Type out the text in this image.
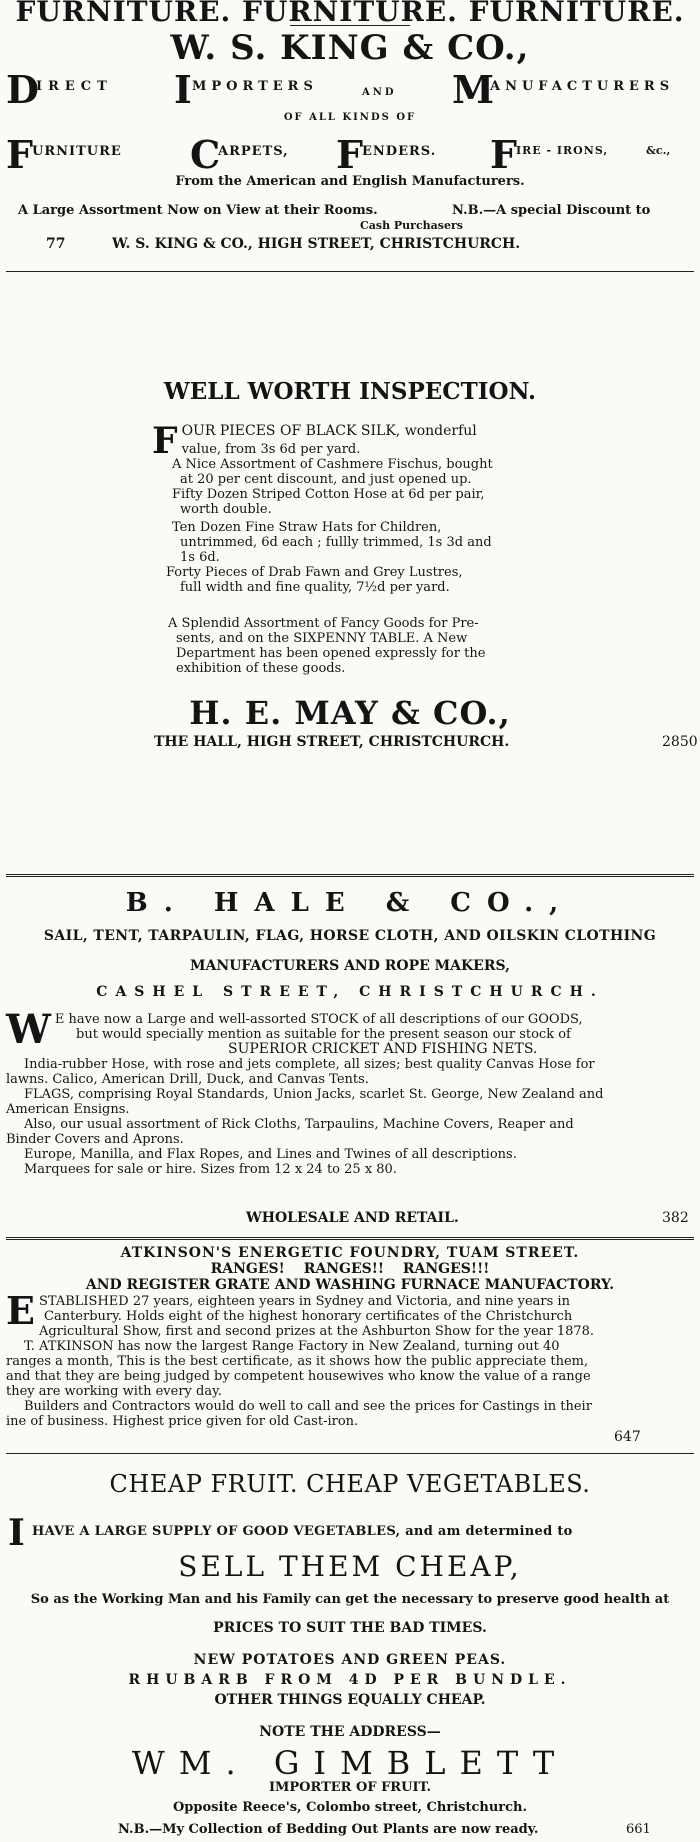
FURNITURE. FURNITURE. FURNITURE.
W. S. KING & CO.,
D
IRECT I MPORTERS	AND M
ANUFACTURERS
OF ALL KINDS OF
F URNITURE C
ARPETS, F ENDERS. F IRE - IRONS,	&c.,
From the American and English Manufacturers.
A Large Assortment Now on View at their Rooms.	N.B.—A special Discount to
Cash Purchasers
77	W. S. KING & CO., HIGH STREET, CHRISTCHURCH.
WELL WORTH INSPECTION.
FOUR PIECES OF BLACK SILK, wonderful
value, from 3s 6d per yard.
A Nice Assortment of Cashmere Fischus, bought
at 20 per cent discount, and just opened up.
Fifty Dozen Striped Cotton Hose at 6d per pair,
worth double.
Ten Dozen Fine Straw Hats for Children,
untrimmed, 6d each ; fullly trimmed, 1s 3d and
1s 6d.
Forty Pieces of Drab Fawn and Grey Lustres,
full width and fine quality, 7½d per yard.
A Splendid Assortment of Fancy Goods for Pre-
sents, and on the SIXPENNY TABLE. A New
Department has been opened expressly for the
exhibition of these goods.
H. E. MAY & CO.,
THE HALL, HIGH STREET, CHRISTCHURCH.	2850
B. HALE & CO.,
SAIL, TENT, TARPAULIN, FLAG, HORSE CLOTH, AND OILSKIN CLOTHING
MANUFACTURERS AND ROPE MAKERS,
CASHEL STREET, CHRISTCHURCH.
W E have now a Large and well-assorted STOCK of all descriptions of our GOODS,
but would specially mention as suitable for the present season our stock of
SUPERIOR CRICKET AND FISHING NETS.
India-rubber Hose, with rose and jets complete, all sizes; best quality Canvas Hose for
lawns. Calico, American Drill, Duck, and Canvas Tents.
FLAGS, comprising Royal Standards, Union Jacks, scarlet St. George, New Zealand and
American Ensigns.
Also, our usual assortment of Rick Cloths, Tarpaulins, Machine Covers, Reaper and
Binder Covers and Aprons.
Europe, Manilla, and Flax Ropes, and Lines and Twines of all descriptions.
Marquees for sale or hire. Sizes from 12 x 24 to 25 x 80.
WHOLESALE AND RETAIL.	382
ATKINSON'S ENERGETIC FOUNDRY, TUAM STREET.
RANGES! RANGES!! RANGES!!!
AND REGISTER GRATE AND WASHING FURNACE MANUFACTORY.
ESTABLISHED 27 years, eighteen years in Sydney and Victoria, and nine years in
Canterbury. Holds eight of the highest honorary certificates of the Christchurch
Agricultural Show, first and second prizes at the Ashburton Show for the year 1878.
T. ATKINSON has now the largest Range Factory in New Zealand, turning out 40
ranges a month, This is the best certificate, as it shows how the public appreciate them,
and that they are being judged by competent housewives who know the value of a range
they are working with every day.
Builders and Contractors would do well to call and see the prices for Castings in their
ine of business. Highest price given for old Cast-iron.
647
CHEAP FRUIT. CHEAP VEGETABLES.
I HAVE A LARGE SUPPLY OF GOOD VEGETABLES, and am determined to
SELL THEM CHEAP,
So as the Working Man and his Family can get the necessary to preserve good health at
PRICES TO SUIT THE BAD TIMES.
NEW POTATOES AND GREEN PEAS.
RHUBARB FROM 4D PER BUNDLE.
OTHER THINGS EQUALLY CHEAP.
NOTE THE ADDRESS—
WM. GIMBLETT
IMPORTER OF FRUIT.
Opposite Reece's, Colombo street, Christchurch.
N.B.—My Collection of Bedding Out Plants are now ready.	661
